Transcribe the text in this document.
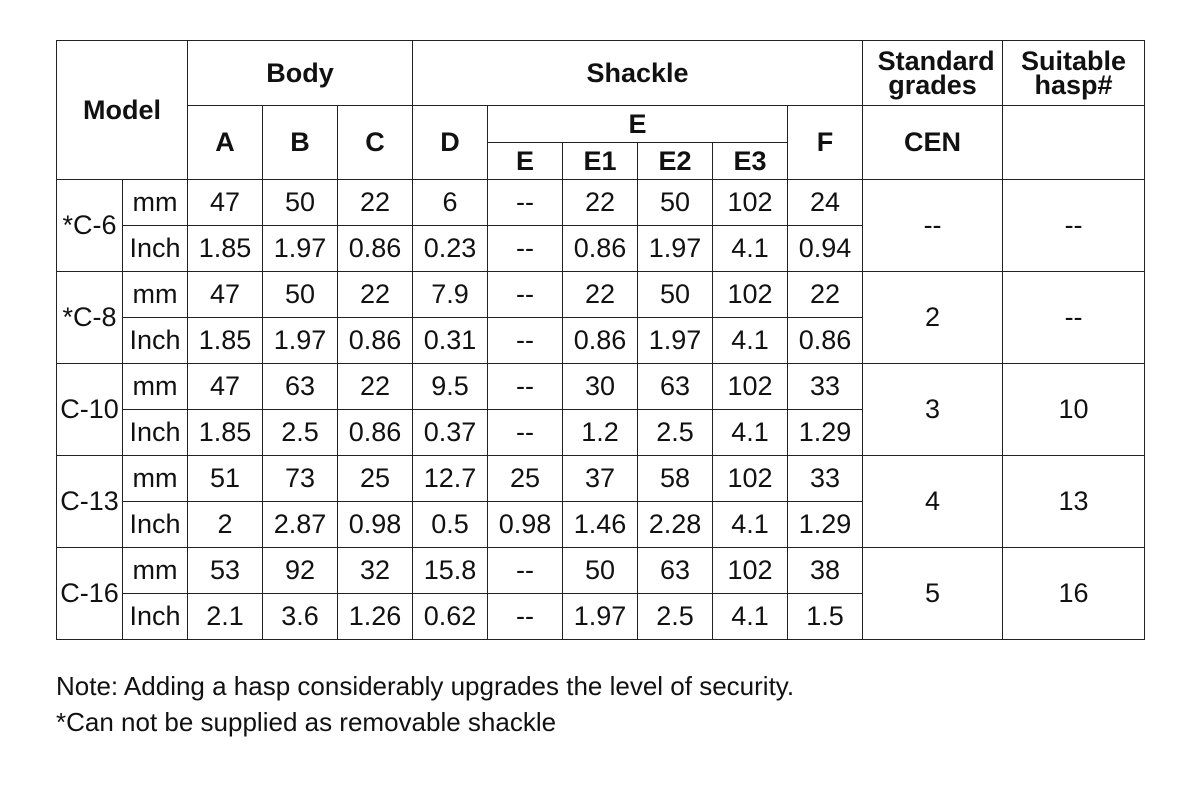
Model		Body			Shackle						Standard grades	Suitable hasp#
		A	B	C	D	E				F	CEN	
						E	E1	E2	E3			
*C-6	mm	47	50	22	6	--	22	50	102	24	--	--
	Inch	1.85	1.97	0.86	0.23	--	0.86	1.97	4.1	0.94		
*C-8	mm	47	50	22	7.9	--	22	50	102	22	2	--
	Inch	1.85	1.97	0.86	0.31	--	0.86	1.97	4.1	0.86		
C-10	mm	47	63	22	9.5	--	30	63	102	33	3	10
	Inch	1.85	2.5	0.86	0.37	--	1.2	2.5	4.1	1.29		
C-13	mm	51	73	25	12.7	25	37	58	102	33	4	13
	Inch	2	2.87	0.98	0.5	0.98	1.46	2.28	4.1	1.29		
C-16	mm	53	92	32	15.8	--	50	63	102	38	5	16
	Inch	2.1	3.6	1.26	0.62	--	1.97	2.5	4.1	1.5		
Note: Adding a hasp considerably upgrades the level of security.
*Can not be supplied as removable shackle
